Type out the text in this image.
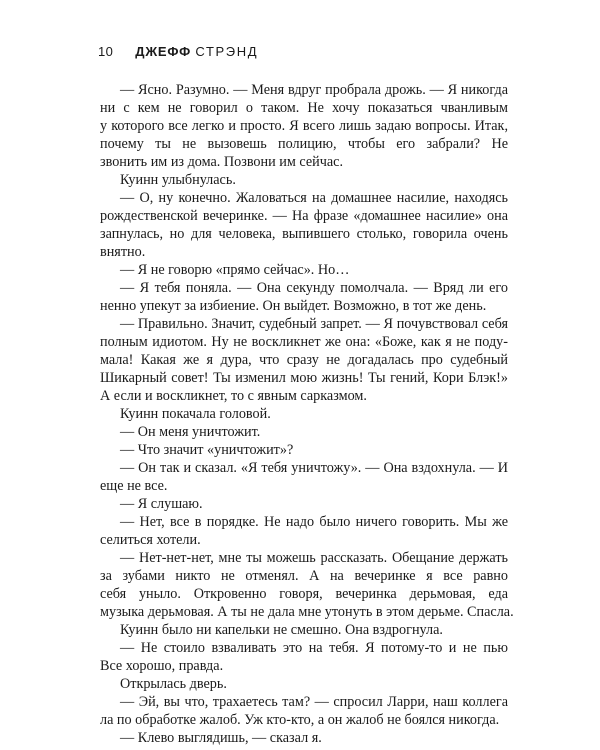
10 ДЖЕФФ СТРЭНД
— Ясно. Разумно. — Меня вдруг пробрала дрожь. — Я никогда
ни с кем не говорил о таком. Не хочу показаться чванливым
у которого все легко и просто. Я всего лишь задаю вопросы. Итак,
почему ты не вызовешь полицию, чтобы его забрали? Не
звонить им из дома. Позвони им сейчас.
Куинн улыбнулась.
— О, ну конечно. Жаловаться на домашнее насилие, находясь
рождественской вечеринке. — На фразе «домашнее насилие» она
запнулась, но для человека, выпившего столько, говорила очень
внятно.
— Я не говорю «прямо сейчас». Но…
— Я тебя поняла. — Она секунду помолчала. — Вряд ли его
ненно упекут за избиение. Он выйдет. Возможно, в тот же день.
— Правильно. Значит, судебный запрет. — Я почувствовал себя
полным идиотом. Ну не воскликнет же она: «Боже, как я не поду-
мала! Какая же я дура, что сразу не догадалась про судебный
Шикарный совет! Ты изменил мою жизнь! Ты гений, Кори Блэк!»
А если и воскликнет, то с явным сарказмом.
Куинн покачала головой.
— Он меня уничтожит.
— Что значит «уничтожит»?
— Он так и сказал. «Я тебя уничтожу». — Она вздохнула. — И
еще не все.
— Я слушаю.
— Нет, все в порядке. Не надо было ничего говорить. Мы же
селиться хотели.
— Нет-нет-нет, мне ты можешь рассказать. Обещание держать
за зубами никто не отменял. А на вечеринке я все равно
себя уныло. Откровенно говоря, вечеринка дерьмовая, еда
музыка дерьмовая. А ты не дала мне утонуть в этом дерьме. Спасла.
Куинн было ни капельки не смешно. Она вздрогнула.
— Не стоило взваливать это на тебя. Я потому-то и не пью
Все хорошо, правда.
Открылась дверь.
— Эй, вы что, трахаетесь там? — спросил Ларри, наш коллега
ла по обработке жалоб. Уж кто-кто, а он жалоб не боялся никогда.
— Клево выглядишь, — сказал я.
